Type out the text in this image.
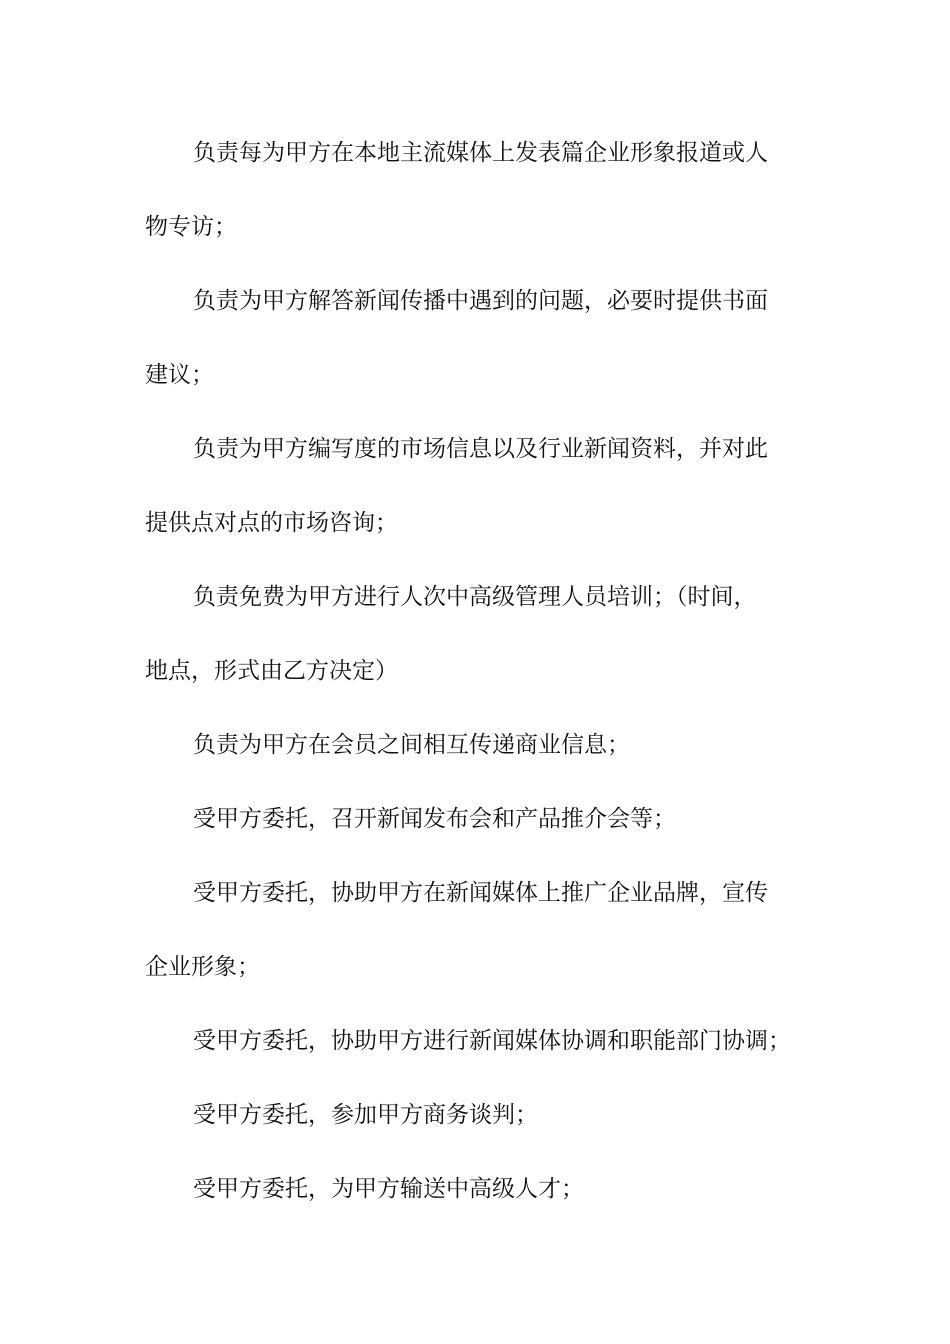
负责每为甲方在本地主流媒体上发表篇企业形象报道或人
物专访；
负责为甲方解答新闻传播中遇到的问题，必要时提供书面
建议；
负责为甲方编写度的市场信息以及行业新闻资料，并对此
提供点对点的市场咨询；
负责免费为甲方进行人次中高级管理人员培训；（时间，
地点，形式由乙方决定）
负责为甲方在会员之间相互传递商业信息；
受甲方委托，召开新闻发布会和产品推介会等；
受甲方委托，协助甲方在新闻媒体上推广企业品牌，宣传
企业形象；
受甲方委托，协助甲方进行新闻媒体协调和职能部门协调；
受甲方委托，参加甲方商务谈判；
受甲方委托，为甲方输送中高级人才；
